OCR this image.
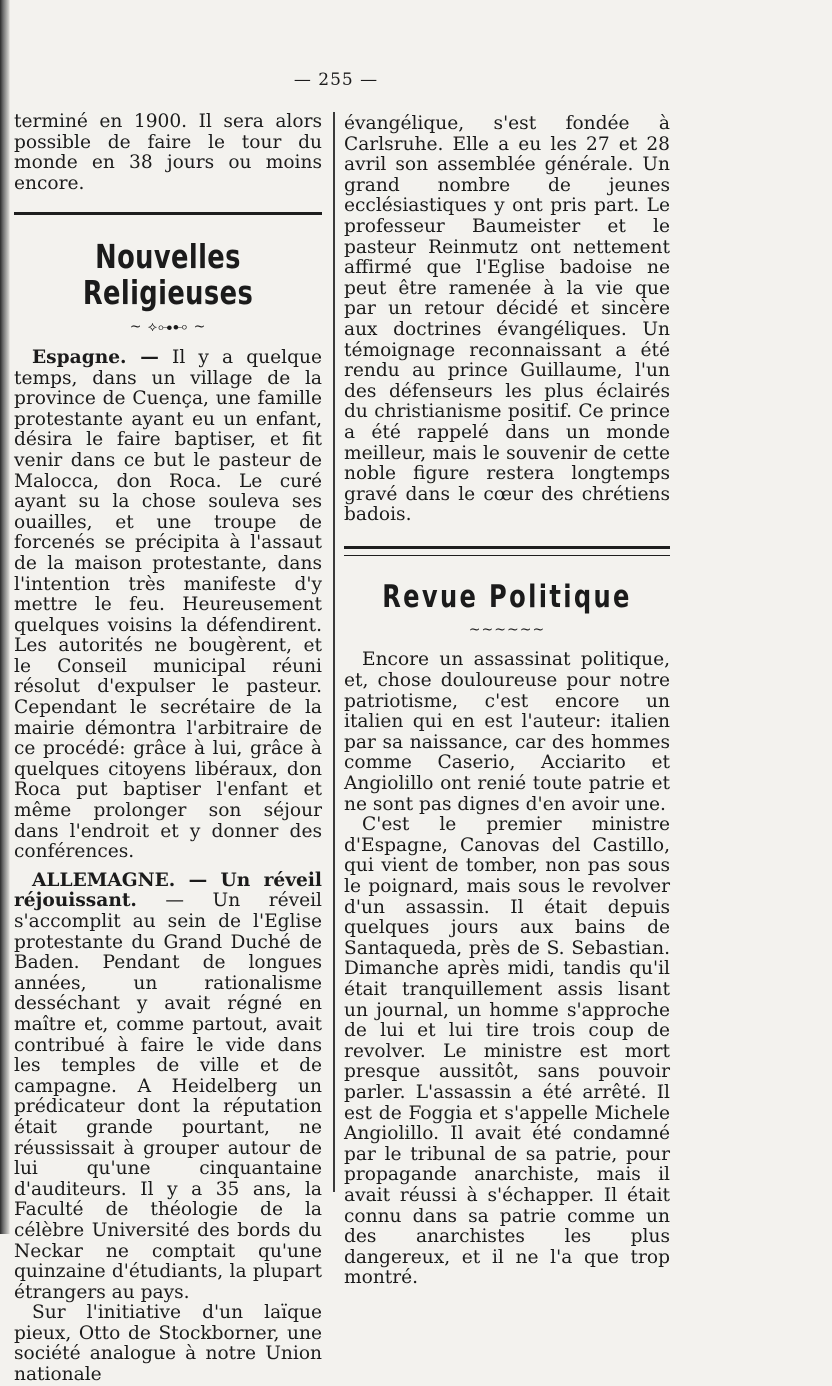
— 255 —

terminé en 1900. Il sera alors possible de faire le tour du monde en 38 jours ou moins encore.

Nouvelles Religieuses
~ ⟡⊶⊷ ~

Espagne. — Il y a quelque temps, dans un village de la province de Cuença, une famille protestante ayant eu un enfant, désira le faire baptiser, et fit venir dans ce but le pasteur de Malocca, don Roca. Le curé ayant su la chose souleva ses ouailles, et une troupe de forcenés se précipita à l'assaut de la maison protestante, dans l'intention très manifeste d'y mettre le feu. Heureusement quelques voisins la défendirent. Les autorités ne bougèrent, et le Conseil municipal réuni résolut d'expulser le pasteur. Cependant le secrétaire de la mairie démontra l'arbitraire de ce procédé: grâce à lui, grâce à quelques citoyens libéraux, don Roca put baptiser l'enfant et même prolonger son séjour dans l'endroit et y donner des conférences.

ALLEMAGNE. — Un réveil réjouissant. — Un réveil s'accomplit au sein de l'Eglise protestante du Grand Duché de Baden. Pendant de longues années, un rationalisme desséchant y avait régné en maître et, comme partout, avait contribué à faire le vide dans les temples de ville et de campagne. A Heidelberg un prédicateur dont la réputation était grande pourtant, ne réussissait à grouper autour de lui qu'une cinquantaine d'auditeurs. Il y a 35 ans, la Faculté de théologie de la célèbre Université des bords du Neckar ne comptait qu'une quinzaine d'étudiants, la plupart étrangers au pays.

Sur l'initiative d'un laïque pieux, Otto de Stockborner, une société analogue à notre Union nationale

évangélique, s'est fondée à Carlsruhe. Elle a eu les 27 et 28 avril son assemblée générale. Un grand nombre de jeunes ecclésiastiques y ont pris part. Le professeur Baumeister et le pasteur Reinmutz ont nettement affirmé que l'Eglise badoise ne peut être ramenée à la vie que par un retour décidé et sincère aux doctrines évangéliques. Un témoignage reconnaissant a été rendu au prince Guillaume, l'un des défenseurs les plus éclairés du christianisme positif. Ce prince a été rappelé dans un monde meilleur, mais le souvenir de cette noble figure restera longtemps gravé dans le cœur des chrétiens badois.

Revue Politique
~~~~~~

Encore un assassinat politique, et, chose douloureuse pour notre patriotisme, c'est encore un italien qui en est l'auteur: italien par sa naissance, car des hommes comme Caserio, Acciarito et Angiolillo ont renié toute patrie et ne sont pas dignes d'en avoir une.

C'est le premier ministre d'Espagne, Canovas del Castillo, qui vient de tomber, non pas sous le poignard, mais sous le revolver d'un assassin. Il était depuis quelques jours aux bains de Santaqueda, près de S. Sebastian. Dimanche après midi, tandis qu'il était tranquillement assis lisant un journal, un homme s'approche de lui et lui tire trois coup de revolver. Le ministre est mort presque aussitôt, sans pouvoir parler. L'assassin a été arrêté. Il est de Foggia et s'appelle Michele Angiolillo. Il avait été condamné par le tribunal de sa patrie, pour propagande anarchiste, mais il avait réussi à s'échapper. Il était connu dans sa patrie comme un des anarchistes les plus dangereux, et il ne l'a que trop montré.
